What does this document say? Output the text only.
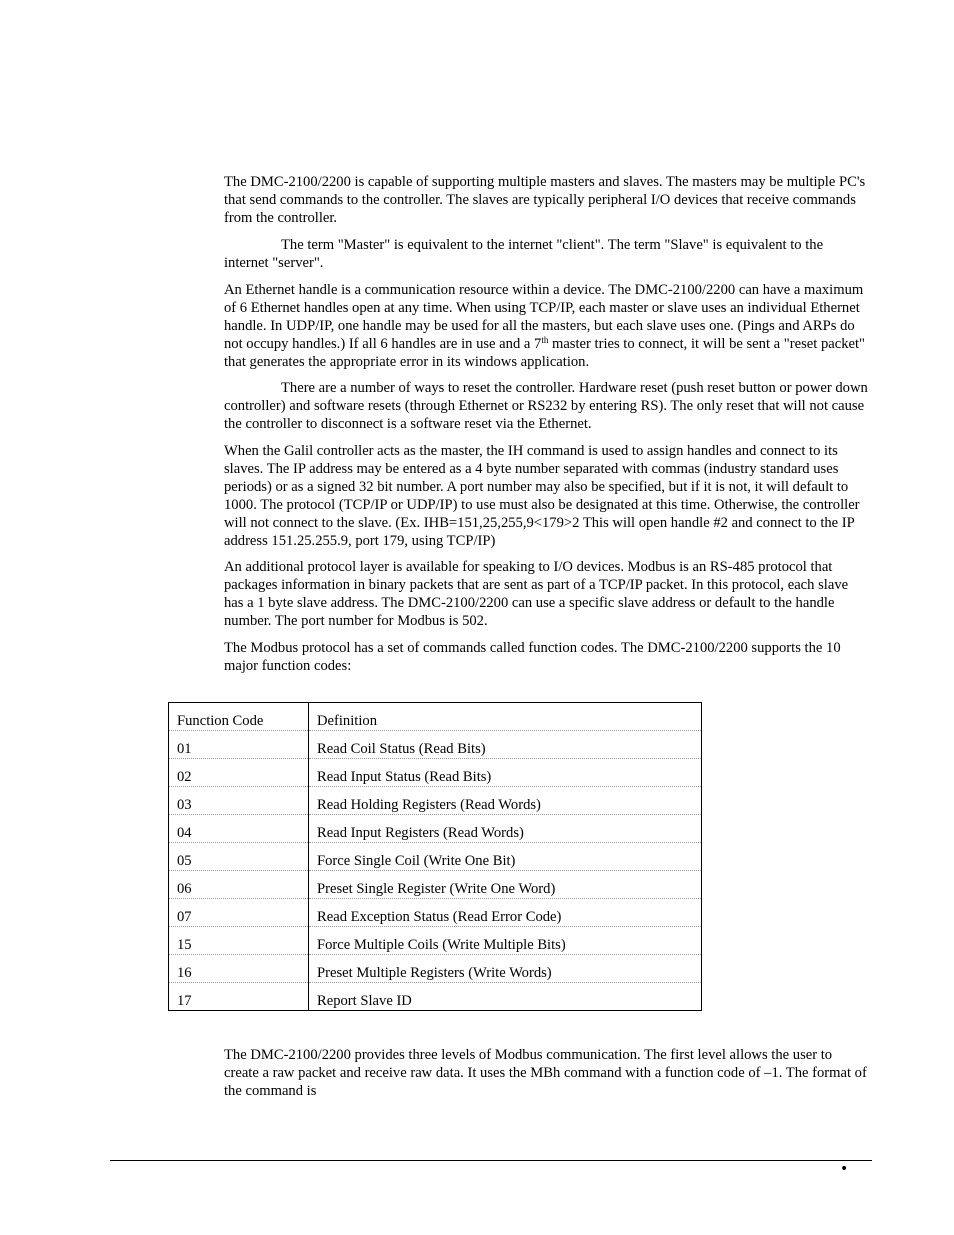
The DMC-2100/2200 is capable of supporting multiple masters and slaves. The masters may be multiple PC's that send commands to the controller. The slaves are typically peripheral I/O devices that receive commands from the controller.

The term "Master" is equivalent to the internet "client". The term "Slave" is equivalent to the internet "server".

An Ethernet handle is a communication resource within a device. The DMC-2100/2200 can have a maximum of 6 Ethernet handles open at any time. When using TCP/IP, each master or slave uses an individual Ethernet handle. In UDP/IP, one handle may be used for all the masters, but each slave uses one. (Pings and ARPs do not occupy handles.) If all 6 handles are in use and a 7th master tries to connect, it will be sent a "reset packet" that generates the appropriate error in its windows application.

There are a number of ways to reset the controller. Hardware reset (push reset button or power down controller) and software resets (through Ethernet or RS232 by entering RS). The only reset that will not cause the controller to disconnect is a software reset via the Ethernet.

When the Galil controller acts as the master, the IH command is used to assign handles and connect to its slaves. The IP address may be entered as a 4 byte number separated with commas (industry standard uses periods) or as a signed 32 bit number. A port number may also be specified, but if it is not, it will default to 1000. The protocol (TCP/IP or UDP/IP) to use must also be designated at this time. Otherwise, the controller will not connect to the slave. (Ex. IHB=151,25,255,9<179>2 This will open handle #2 and connect to the IP address 151.25.255.9, port 179, using TCP/IP)

An additional protocol layer is available for speaking to I/O devices. Modbus is an RS-485 protocol that packages information in binary packets that are sent as part of a TCP/IP packet. In this protocol, each slave has a 1 byte slave address. The DMC-2100/2200 can use a specific slave address or default to the handle number. The port number for Modbus is 502.

The Modbus protocol has a set of commands called function codes. The DMC-2100/2200 supports the 10 major function codes:

Function Code	Definition
01	Read Coil Status (Read Bits)
02	Read Input Status (Read Bits)
03	Read Holding Registers (Read Words)
04	Read Input Registers (Read Words)
05	Force Single Coil (Write One Bit)
06	Preset Single Register (Write One Word)
07	Read Exception Status (Read Error Code)
15	Force Multiple Coils (Write Multiple Bits)
16	Preset Multiple Registers (Write Words)
17	Report Slave ID

The DMC-2100/2200 provides three levels of Modbus communication. The first level allows the user to create a raw packet and receive raw data. It uses the MBh command with a function code of –1. The format of the command is

•
